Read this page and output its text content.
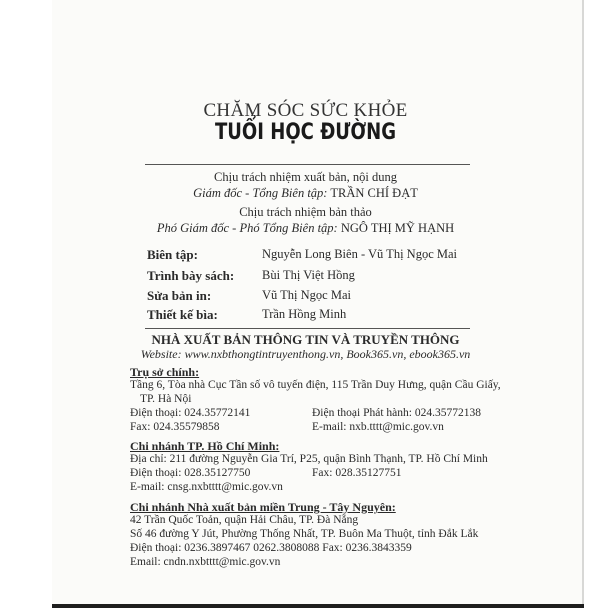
CHĂM SÓC SỨC KHỎE
TUỔI HỌC ĐƯỜNG
Chịu trách nhiệm xuất bản, nội dung
Giám đốc - Tổng Biên tập: TRẦN CHÍ ĐẠT
Chịu trách nhiệm bản thảo
Phó Giám đốc - Phó Tổng Biên tập: NGÔ THỊ MỸ HẠNH
Biên tập:	Nguyễn Long Biên - Vũ Thị Ngọc Mai
Trình bày sách: Bùi Thị Việt Hồng
Sửa bản in:	Vũ Thị Ngọc Mai
Thiết kế bìa:	Trần Hồng Minh
NHÀ XUẤT BẢN THÔNG TIN VÀ TRUYỀN THÔNG
Website: www.nxbthongtintruyenthong.vn, Book365.vn, ebook365.vn
Trụ sở chính:
Tầng 6, Tòa nhà Cục Tần số vô tuyến điện, 115 Trần Duy Hưng, quận Cầu Giấy,
TP. Hà Nội
Điện thoại: 024.35772141	Điện thoại Phát hành: 024.35772138
Fax: 024.35579858	E-mail: nxb.tttt@mic.gov.vn
Chi nhánh TP. Hồ Chí Minh:
Địa chỉ: 211 đường Nguyễn Gia Trí, P25, quận Bình Thạnh, TP. Hồ Chí Minh
Điện thoại: 028.35127750	Fax: 028.35127751
E-mail: cnsg.nxbtttt@mic.gov.vn
Chi nhánh Nhà xuất bản miền Trung - Tây Nguyên:
42 Trần Quốc Toản, quận Hải Châu, TP. Đà Nẵng
Số 46 đường Y Jút, Phường Thống Nhất, TP. Buôn Ma Thuột, tỉnh Đắk Lắk
Điện thoại: 0236.3897467 0262.3808088 Fax: 0236.3843359
Email: cndn.nxbtttt@mic.gov.vn
